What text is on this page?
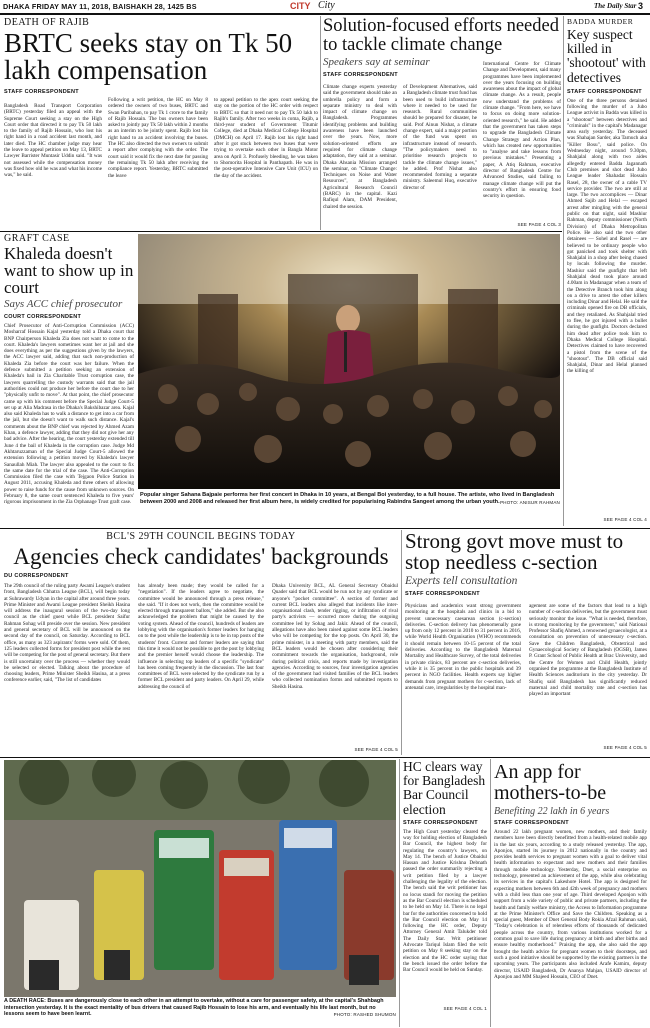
DHAKA FRIDAY MAY 11, 2018, BAISHAKH 28, 1425 BS	CITY City	The Daily Star 3
DEATH OF RAJIB
BRTC seeks stay on Tk 50 lakh compensation
STAFF CORRESPONDENT
Bangladesh Road Transport Corporation (BRTC) yesterday filed an appeal with the Supreme Court seeking a stay on the High Court order that directed it to pay Tk 50 lakh to the family of Rajib Hossain, who lost his right hand in a road accident last month, and later died. The HC chamber judge may hear the leave to appeal petition on May 13, BRTC Lawyer Barrister Muntasir Uddin said. "It was not assessed while the compensation money was fixed how old he was and what his income was," he said.
Following a writ petition, the HC on May 8 ordered the owners of two buses, BRTC and Swan Paribahan, to pay Tk 1 crore to the family of Rajib Hossain. The bus owners have been asked to jointly pay Tk 50 lakh within 2 months as an interim to be jointly spent. Rajib lost his right hand to an accident involving the buses. The HC also directed the two owners to submit a report after complying with the order. The court said it would fix the next date for passing the remaining Tk 50 lakh after receiving the compliance report. Yesterday, BRTC submitted the leave
to appeal petition to the apex court seeking the stay on the portion of the HC order with respect to BRTC so that it need not to pay Tk 50 lakh to Rajib's family. After two weeks in coma, Rajib, a third-year student of Government Titumir College, died at Dhaka Medical College Hospital (DMCH) on April 17. Rajib lost his right hand after it got stuck between two buses that were trying to overtake each other in Bangla Motor area on April 3. Profusely bleeding, he was taken to Shomorita Hospital in Panthapath. He was in the post-operative Intensive Care Unit (ICU) on the day of the accident.
Solution-focused efforts needed to tackle climate change
Speakers say at seminar
STAFF CORRESPONDENT
Climate change experts yesterday said the government should take an umbrella policy and form a separate ministry to deal with impact of climate change on Bangladesh. Programmes identifying problems and building awareness have been launched over the years. Now, more solution-oriented efforts are required for climate change adaptation, they said at a seminar. Dhaka Ahsania Mission arranged the seminar, on "Climate Change: Techniques on Noise and Water Resources", at Bangladesh Agricultural Research Council (BARC) in the capital. Kazi Rafiqul Alam, DAM President, chaired the session.
of Development Alternatives, said a Bangladesh climate trust fund has been used to build infrastructure where it needed to be used for research. Rural communities should be prepared for disaster, he said. Prof Ainun Nishat, a climate change expert, said a major portion of the fund was spent on infrastructure instead of research. "The policymakers need to prioritise research projects to tackle the climate change issues," he added. Prof Nishat also recommended forming a separate ministry. Saleemul Huq, executive director of
International Centre for Climate Change and Development, said many programmes have been implemented over the years focusing on building awareness about the impact of global climate change. As a result, people now understand the problems of climate change. "From here, we have to focus on doing more solution-oriented research," he said. He added that the government has taken steps to upgrade the Bangladesh Climate Change Strategy and Action Plan, which has created new opportunities to "analyse and take lessons from previous mistakes." Presenting a paper, A Atiq Rahman, executive director of Bangladesh Centre for Advanced Studies, said failing to manage climate change will put the country's effort in ensuring food security in question.
SEE PAGE 4 COL 3
BADDA MURDER
Key suspect killed in 'shootout' with detectives
STAFF CORRESPONDENT
One of the three persons detained following the murder of a Jubo League activist in Badda was killed in a "shootout" between detectives and "criminals" in the capital's Madanagar area early yesterday. The deceased was Shahajan Sarder, aka Tarnuch aka "Killer Bosu", said police. On Wednesday night, around 9.30pm, Shahjalal along with two aides allegedly entered Badda Jagannath Club premises and shot dead Jubo League leader Shahadat Hossain Rasel, 28, the owner of a cable TV service provider. The two are still at large. The two accomplices — Dinar Ahmed Sajib and Helal — escaped arrest after mingling with the general public on that night, said Mashiur Rahman, deputy commissioner (North Division) of Dhaka Metropolitan Police. He also said the two other detainees — Sohel and Rasel — are believed to be ordinary people who got panicked and took shelter with Shahjalal in a shop after being chased by locals following the murder. Mashiur said the gunfight that left Shahjalal dead took place around 4.00am in Madanagar when a team of the Detective Branch took him along on a drive to arrest the other killers including Dinar and Helal. He said the criminals opened fire on DB officials, and they retaliated. As Shahjalal tried to flee, he got injured with a bullet during the gunfight. Doctors declared him dead after police took him to Dhaka Medical College Hospital. Detectives claimed to have recovered a pistol from the scene of the "shootout". The DB official said Shahjalal, Dinar and Helal planned the killing of
SEE PAGE 4 COL 4
GRAFT CASE
Khaleda doesn't want to show up in court
Says ACC chief prosecutor
COURT CORRESPONDENT
Chief Prosecutor of Anti-Corruption Commission (ACC) Mosharraf Hossain Kajal yesterday told a Dhaka court that BNP Chairperson Khaleda Zia does not want to come to the court. Khaleda's lawyers sometimes want her at jail and she does everything as per the suggestions given by the lawyers, the ACC lawyer said, adding that such non-production of Khaleda Zia before the court was her failure. When the defence submitted a petition seeking an extension of Khaleda's bail in Zia Charitable Trust corruption case, the lawyers quarrelling the custody warrants said that the jail authorities could not produce her before the court due to her "physically unfit to move". At that point, the chief prosecutor came up with his comment before the Special Judge Court-5 set up at Alia Madrasa in the Dhaka's Bakshibazar area. Kajal also said Khaleda has to walk a distance to get into a car from the jail, but she doesn't want to walk such distance. Kajal's comments about the BNP chief was rejected by Ahmed Azam Khan, a defence lawyer, adding that they did not give her any bad advice. After the hearing, the court yesterday extended till June 4 the bail of Khaleda in the corruption case. Judge Md Akhtaruzzaman of the Special Judge Court-5 allowed the extension following a petition moved by Khaleda's lawyer Sanaullah Miah. The lawyer also appealed to the court to fix the same date for the trial of the case. The Anti-Corruption Commission filed the case with Tejgaon Police Station in August 2011, accusing Khaleda and three others of allowing power to raise funds for the cause from unknown sources. On February 8, the same court sentenced Khaleda to five years' rigorous imprisonment in the Zia Orphanage Trust graft case.
Popular singer Sahana Bajpaie performs her first concert in Dhaka in 10 years, at Bengal Boi yesterday, to a full house. The artiste, who lived in Bangladesh between 2000 and 2008 and released her first album here, is widely credited for popularising Rabindra Sangeet among the urban youth. PHOTO: ANISUR RAHMAN
BCL'S 29TH COUNCIL BEGINS TODAY
Agencies check candidates' backgrounds
DU CORRESPONDENT
The 29th council of the ruling party Awami League's student front, Bangladesh Chhatra League (BCL), will begin today at Suhrawardy Udyan in the capital after around three years. Prime Minister and Awami League president Sheikh Hasina will address the inaugural session of the two-day long council as the chief guest while BCL president Saifur Rahman Sohag will preside over the session. New president and general secretary of BCL will be announced on the second day of the council, on Saturday. According to BCL office, as many as 323 aspirants' forms were sold. Of them, 125 leaders collected forms for president post while the rest will be competing for the post of general secretary. But there is still uncertainty over the process — whether they would be selected or elected. Talking about the procedure of choosing leaders, Prime Minister Sheikh Hasina, at a press conference earlier, said, "The list of candidates
has already been made; they would be called for a "negotiation". If the leaders agree to negotiate, the committee would be announced through a press release," she said. "If it does not work, then the committee would be elected through transparent ballots," she added. But she also acknowledged the problem that might be caused by the voting system. Ahead of the council, hundreds of leaders are lobbying with the organisation's former leaders for hanging on to the post while the leadership is to be in top posts of the students' front. Current and former leaders are saying that this time it would not be possible to get the post by lobbying and the premier herself would choose the leadership. The influence in selecting top leaders of a specific "syndicate" has been coming frequently in the discussion. The last four committees of BCL were selected by the syndicate run by a former BCL president and party leaders. On April 29, while addressing the council of
Dhaka University BCL, AL General Secretary Obaidul Quader said that BCL would be run not by any syndicate or anyone's "pocket committee". A section of former and current BCL leaders also alleged that incidents like inter-organisational clash, tender rigging, or infiltration of rival party's activists — occurred more during the outgoing committee led by Sohag and Jakir. Ahead of the council, allegations have also been raised against some BCL leaders who will be competing for the top posts. On April 30, the prime minister, in a meeting with party members, said the BCL leaders would be chosen after considering their commitment towards the organisation, background, role during political crisis, and reports made by investigation agencies. According to sources, four investigation agencies of the government had visited families of the BCL leaders who collected nomination forms and submitted reports to Sheikh Hasina.
SEE PAGE 4 COL 5
Strong govt move must to stop needless c-section
Experts tell consultation
STAFF CORRESPONDENT
Physicians and academics want strong government monitoring at the hospitals and clinics in a bid to prevent unnecessary caesarean section (c-section) deliveries. C-section delivery has phenomenally gone up from only 12 percent in 2010 to 31 percent in 2016, while World Health Organisation (WHO) recommends it should remain between 10-15 percent of the total deliveries. According to the Bangladesh Maternal Mortality and Healthcare Survey, of the total deliveries in private clinics, 83 percent are c-section deliveries, while it is 35 percent in the public hospitals and 39 percent in NGO facilities. Health experts say higher demands from pregnant mothers for c-section, lack of antenatal care, irregularities by the hospital man-
agement are some of the factors that lead to a high number of c-section deliveries, but the government must seriously monitor the issue. "What is needed, therefore, is strong monitoring by the government," said National Professor Shafiq Ahmed, a renowned gynaecologist, at a consultation on prevention of unnecessary c-section. Save the Children Bangladesh, Obstetrical and Gynaecological Society of Bangladesh (OGSB), James P. Grant School of Public Health at Brac University, and the Centre for Women and Child Health, jointly organised the programme at the Bangladesh Institute of Health Sciences auditorium in the city yesterday. Dr Shafiq said Bangladesh has significantly reduced maternal and child mortality rate and c-section has played an important
SEE PAGE 4 COL 5
A DEATH RACE: Buses are dangerously close to each other in an attempt to overtake, without a care for passenger safety, at the capital's Shahbagh intersection yesterday. It is the exact mentality of bus drivers that caused Rajib Hossain to lose his arm, and eventually his life last month, but no lessons seem to have been learnt.	PHOTO: RASHED SHUMON
HC clears way for Bangladesh Bar Council election
STAFF CORRESPONDENT
The High Court yesterday cleared the way for holding election of Bangladesh Bar Council, the highest body for regulating the country's lawyers, on May 14. The bench of Justice Obaidul Hassan and Justice Krishna Debnath passed the order summarily rejecting a writ petition filed by a lawyer challenging the legality of the election. The bench said the writ petitioner has no locus standi for moving the petition as the Bar Council election is scheduled to be held on May 14. There is no legal bar for the authorities concerned to hold the Bar Council election on May 14 following the HC order, Deputy Attorney General Amit Talukder told The Daily Star. Writ petitioner Advocate Tariqul Islam filed the writ petition on May 8 seeking stay on the election and the HC order saying that the bench issued the order before the Bar Council would be held on Sunday.
SEE PAGE 4 COL 1
An app for mothers-to-be
Benefiting 22 lakh in 6 years
STAFF CORRESPONDENT
Around 22 lakh pregnant women, new mothers, and their family members have been directly benefitted from a health-related mobile app in the last six years, according to a study released yesterday. The app, Aponjon, started its journey in 2012 nationally in the country and provides health services to pregnant women with a goal to deliver vital health information to expectant and new mothers and their families through mobile technology. Yesterday, Dnet, a social enterprise on technology, presented an achievement of the app, while also celebrating its services in the capital's Lakeshore Hotel. The app is designed for expecting mothers between 6th and 42th week of pregnancy and mothers with a child less than one year of age. Third developed Aponjon with support from a wide variety of public and private partners, including the health and family welfare ministry, the Access to Information programme at the Prime Minister's Office and Save the Children. Speaking as a special guest, Member of Dnet General Body Rokia Afzal Rahman said, "Today's celebration is of relentless efforts of thousands of dedicated people across the country, from various institutions worked for a common goal to save life during pregnancy at birth and after births and ensure healthy motherhood." Praising the app, she also said the app brought the health advice for pregnant women to their doorsteps, and such a good initiative should be supported by the existing partners in the upcoming years. The participants also included Arafe Kamim, deputy director, USAID Bangladesh, Dr Ananya Mahjan, USAID director of Aponjon and MM Shajeed Hossain, CEO of Dnet.
